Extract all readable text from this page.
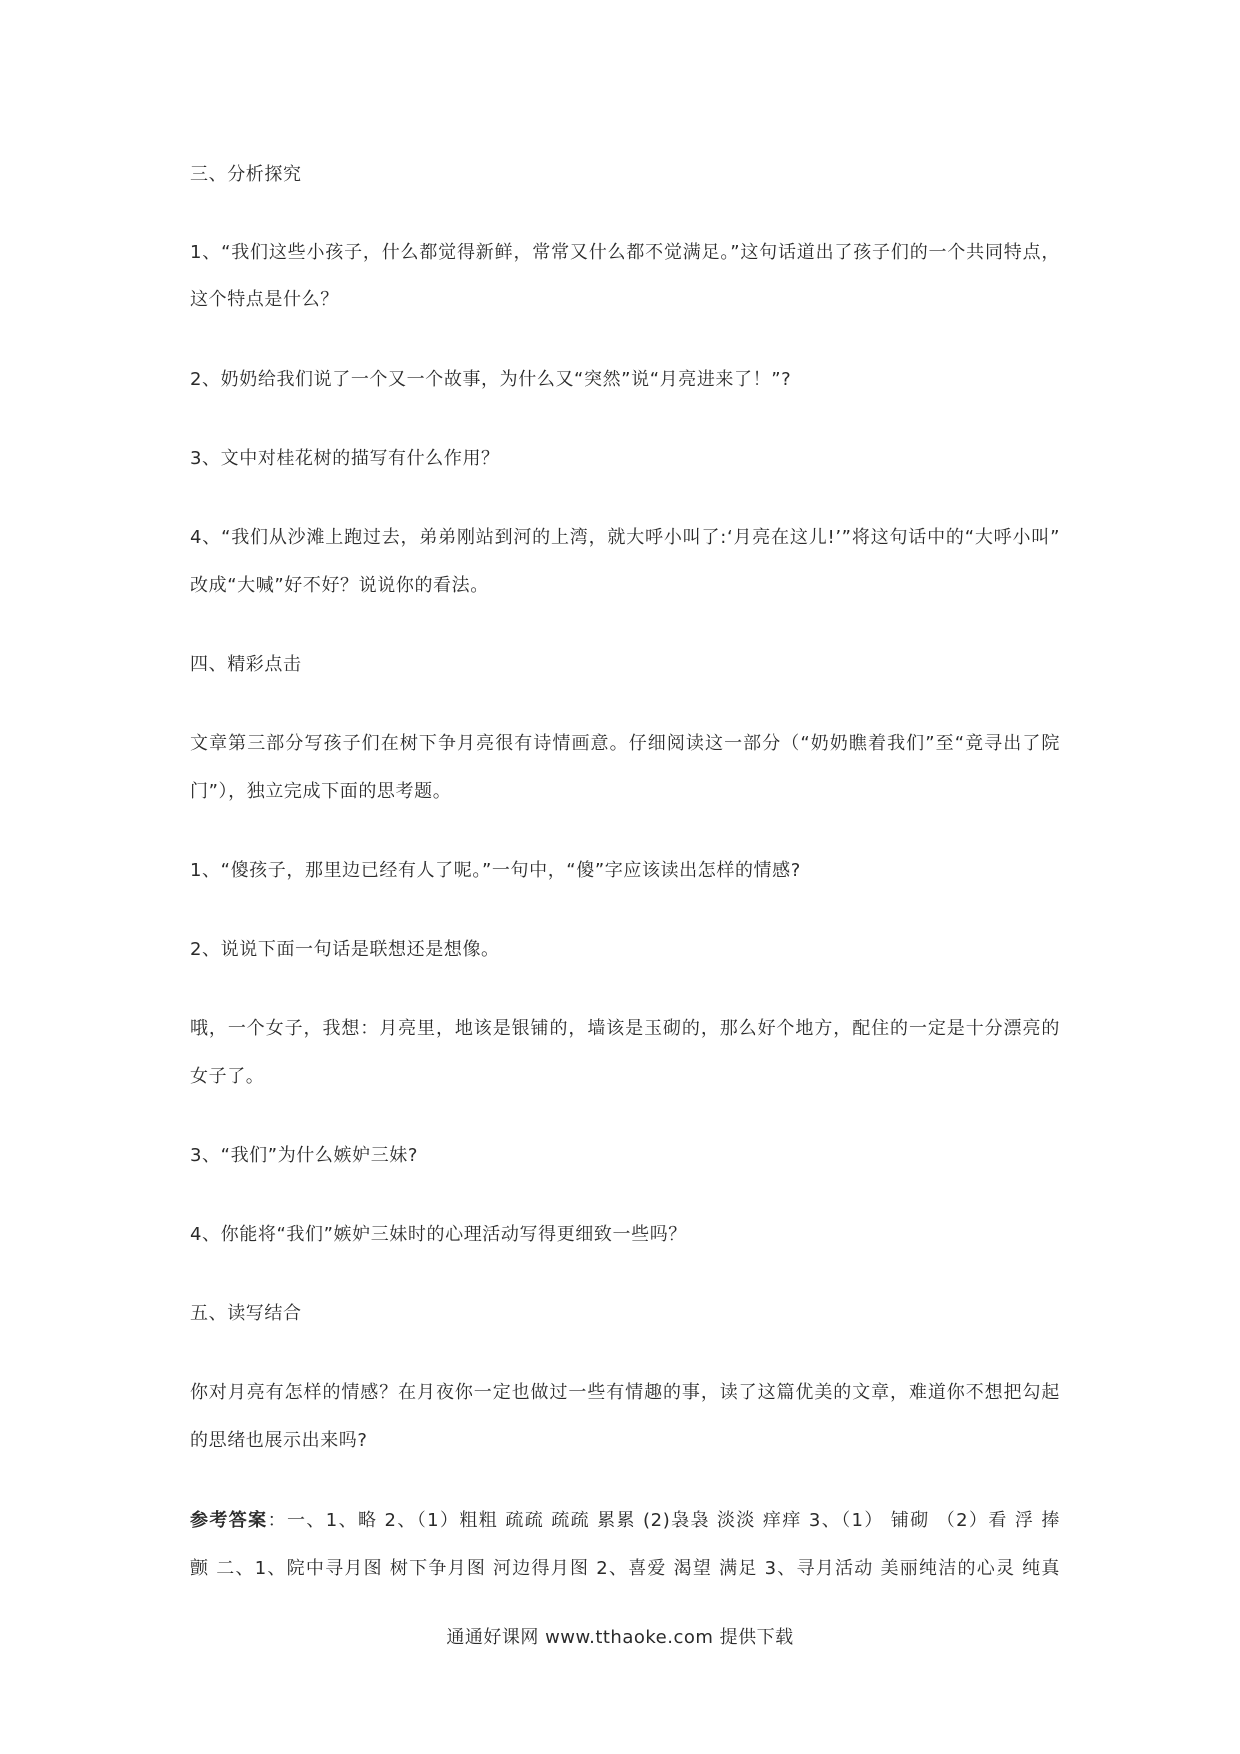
三、分析探究
1、“我们这些小孩子，什么都觉得新鲜，常常又什么都不觉满足。”这句话道出了孩子们的一个共同特点，
这个特点是什么？
2、奶奶给我们说了一个又一个故事，为什么又“突然”说“月亮进来了！”?
3、文中对桂花树的描写有什么作用？
4、“我们从沙滩上跑过去，弟弟刚站到河的上湾，就大呼小叫了:‘月亮在这儿!’”将这句话中的“大呼小叫”
改成“大喊”好不好？说说你的看法。
四、精彩点击
文章第三部分写孩子们在树下争月亮很有诗情画意。仔细阅读这一部分（“奶奶瞧着我们”至“竟寻出了院
门”），独立完成下面的思考题。
1、“傻孩子，那里边已经有人了呢。”一句中，“傻”字应该读出怎样的情感?
2、说说下面一句话是联想还是想像。
哦，一个女子，我想：月亮里，地该是银铺的，墙该是玉砌的，那么好个地方，配住的一定是十分漂亮的
女子了。
3、“我们”为什么嫉妒三妹?
4、你能将“我们”嫉妒三妹时的心理活动写得更细致一些吗？
五、读写结合
你对月亮有怎样的情感？在月夜你一定也做过一些有情趣的事，读了这篇优美的文章，难道你不想把勾起
的思绪也展示出来吗?
参考答案：一、1、略 2、（1）粗粗 疏疏 疏疏 累累 (2)袅袅 淡淡 痒痒 3、（1） 铺砌 （2）看 浮 捧
颤 二、1、院中寻月图 树下争月图 河边得月图 2、喜爱 渴望 满足 3、寻月活动 美丽纯洁的心灵 纯真
通通好课网 www.tthaoke.com 提供下载
